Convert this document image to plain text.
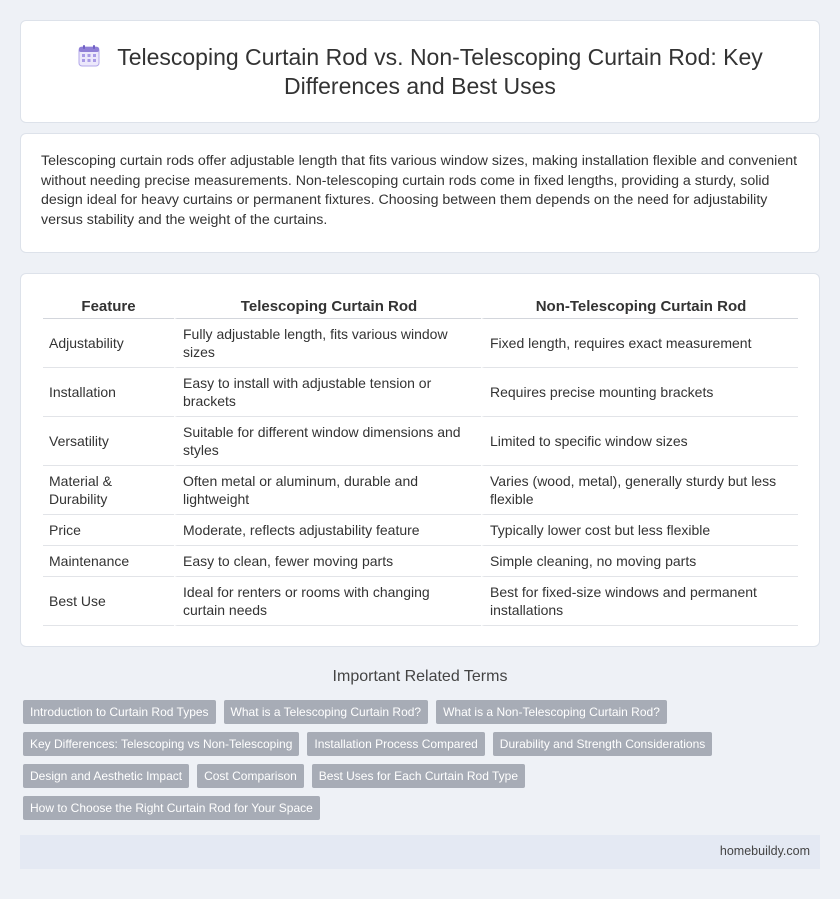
Telescoping Curtain Rod vs. Non-Telescoping Curtain Rod: Key Differences and Best Uses

Telescoping curtain rods offer adjustable length that fits various window sizes, making installation flexible and convenient without needing precise measurements. Non-telescoping curtain rods come in fixed lengths, providing a sturdy, solid design ideal for heavy curtains or permanent fixtures. Choosing between them depends on the need for adjustability versus stability and the weight of the curtains.

Feature	Telescoping Curtain Rod	Non-Telescoping Curtain Rod
Adjustability	Fully adjustable length, fits various window sizes	Fixed length, requires exact measurement
Installation	Easy to install with adjustable tension or brackets	Requires precise mounting brackets
Versatility	Suitable for different window dimensions and styles	Limited to specific window sizes
Material & Durability	Often metal or aluminum, durable and lightweight	Varies (wood, metal), generally sturdy but less flexible
Price	Moderate, reflects adjustability feature	Typically lower cost but less flexible
Maintenance	Easy to clean, fewer moving parts	Simple cleaning, no moving parts
Best Use	Ideal for renters or rooms with changing curtain needs	Best for fixed-size windows and permanent installations
Important Related Terms
Introduction to Curtain Rod Types	What is a Telescoping Curtain Rod?	What is a Non-Telescoping Curtain Rod?
Key Differences: Telescoping vs Non-Telescoping	Installation Process Compared	Durability and Strength Considerations
Design and Aesthetic Impact	Cost Comparison	Best Uses for Each Curtain Rod Type
How to Choose the Right Curtain Rod for Your Space
homebuildy.com
